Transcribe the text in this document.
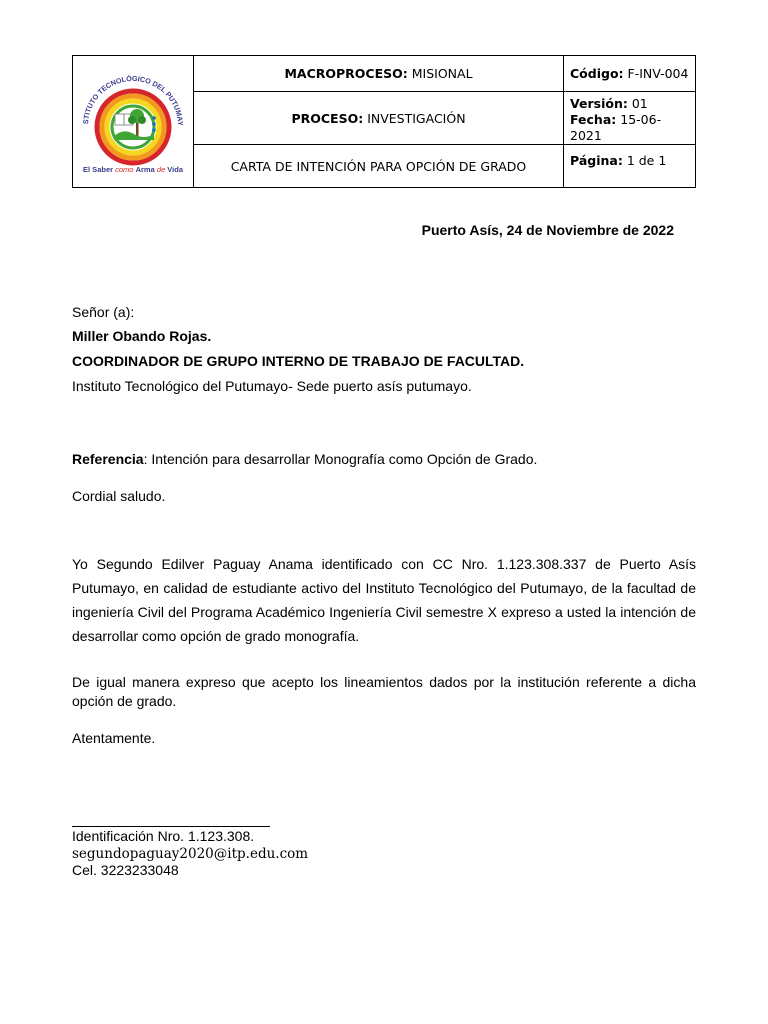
STITUTO TECNOLÓGICO DEL PUTUMAY
El Saber como Arma de Vida	MACROPROCESO: MISIONAL	Código: F-INV-004
	PROCESO: INVESTIGACIÓN	Versión: 01
Fecha: 15-06-2021

	CARTA DE INTENCIÓN PARA OPCIÓN DE GRADO	Página: 1 de 1
Puerto Asís, 24 de Noviembre de 2022
Señor (a):
Miller Obando Rojas.
COORDINADOR DE GRUPO INTERNO DE TRABAJO DE FACULTAD.
Instituto Tecnológico del Putumayo- Sede puerto asís putumayo.
Referencia: Intención para desarrollar Monografía como Opción de Grado.
Cordial saludo.
Yo Segundo Edilver Paguay Anama identificado con CC Nro. 1.123.308.337 de Puerto Asís Putumayo, en calidad de estudiante activo del Instituto Tecnológico del Putumayo, de la facultad de ingeniería Civil del Programa Académico Ingeniería Civil semestre X expreso a usted la intención de desarrollar como opción de grado monografía.
De igual manera expreso que acepto los lineamientos dados por la institución referente a dicha opción de grado.
Atentamente.
Identificación Nro. 1.123.308.
segundopaguay2020@itp.edu.com
Cel. 3223233048
